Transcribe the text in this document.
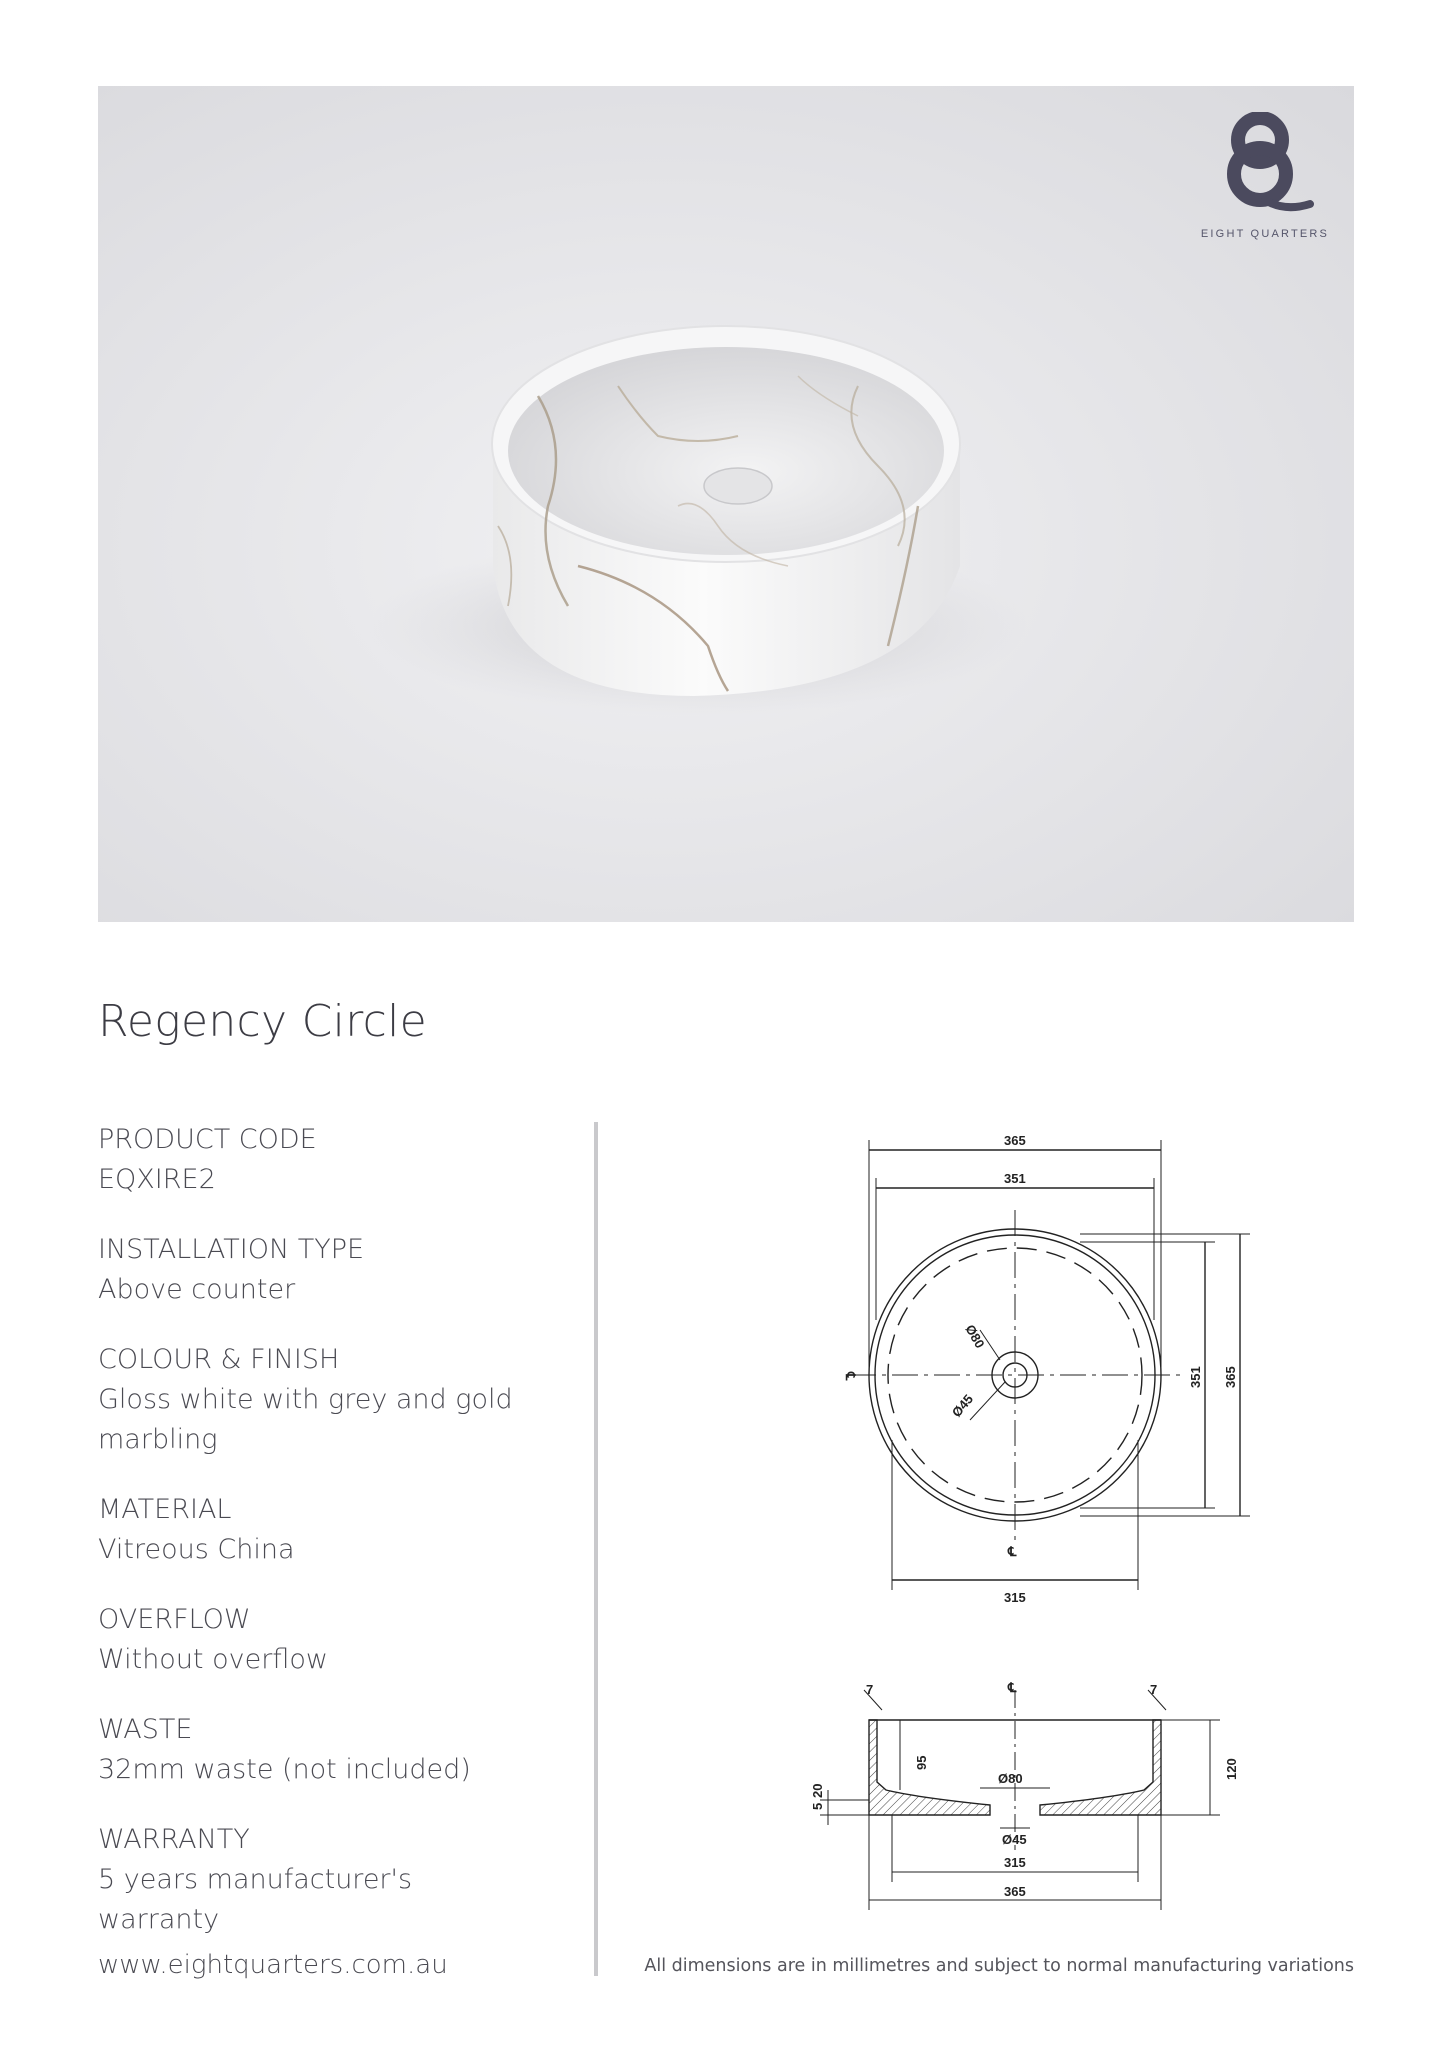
EIGHT QUARTERS
Regency Circle
PRODUCT CODE
EQXIRE2
INSTALLATION TYPE
Above counter
COLOUR & FINISH
Gloss white with grey and gold marbling
MATERIAL
Vitreous China
OVERFLOW
Without overflow
WASTE
32mm waste (not included)
WARRANTY
5 years manufacturer's warranty
365
351
315
351 365
Ø80
Ø45
℄
℄
7	7
℄
95	120
5
20
Ø80
Ø45
315
365
www.eightquarters.com.au	All dimensions are in millimetres and subject to normal manufacturing variations
